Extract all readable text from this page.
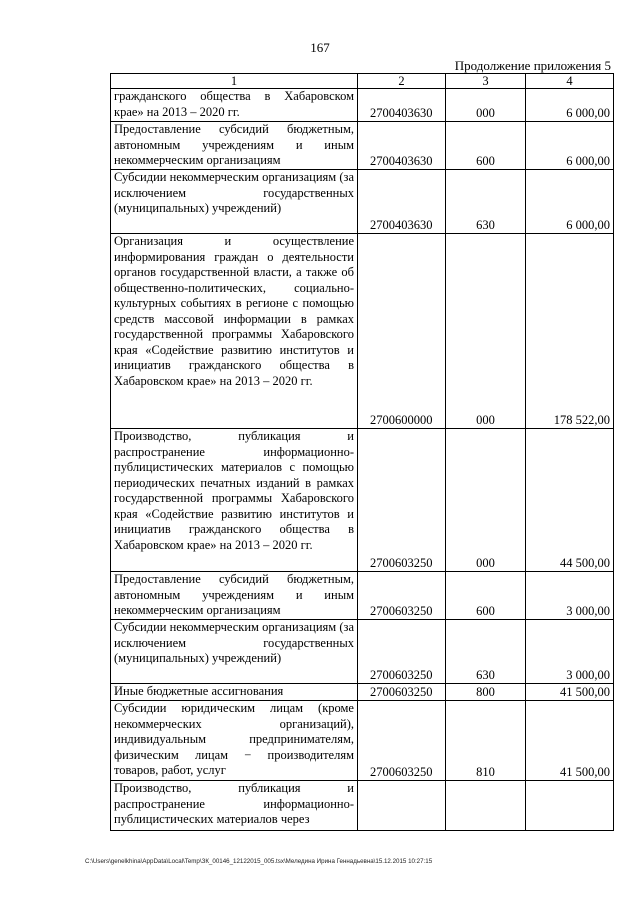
167
Продолжение приложения 5
1	2	3	4
гражданского общества в Хабаровском крае» на 2013 – 2020 гг.	2700403630	000	6 000,00
Предоставление субсидий бюджетным, автономным учреждениям и иным некоммерческим организациям	2700403630	600	6 000,00
Субсидии некоммерческим организациям (за исключением государственных (муниципальных) учреждений)	2700403630	630	6 000,00
Организация и осуществление информирования граждан о деятельности органов государственной власти, а также об общественно-политических, социально-культурных событиях в регионе с помощью средств массовой информации в рамках государственной программы Хабаровского края «Содействие развитию институтов и инициатив гражданского общества в Хабаровском крае» на 2013 – 2020 гг.	2700600000	000	178 522,00
Производство, публикация и распространение информационно-публицистических материалов с помощью периодических печатных изданий в рамках государственной программы Хабаровского края «Содействие развитию институтов и инициатив гражданского общества в Хабаровском крае» на 2013 – 2020 гг.	2700603250	000	44 500,00
Предоставление субсидий бюджетным, автономным учреждениям и иным некоммерческим организациям	2700603250	600	3 000,00
Субсидии некоммерческим организациям (за исключением государственных (муниципальных) учреждений)	2700603250	630	3 000,00
Иные бюджетные ассигнования	2700603250	800	41 500,00
Субсидии юридическим лицам (кроме некоммерческих организаций), индивидуальным предпринимателям, физическим лицам − производителям товаров, работ, услуг	2700603250	810	41 500,00
Производство, публикация и распространение информационно-публицистических материалов через			
C:\Users\genelkhina\AppData\Local\Temp\ЗК_00146_12122015_005.tsx\Меледина Ирина Геннадьевна\15.12.2015 10:27:15
